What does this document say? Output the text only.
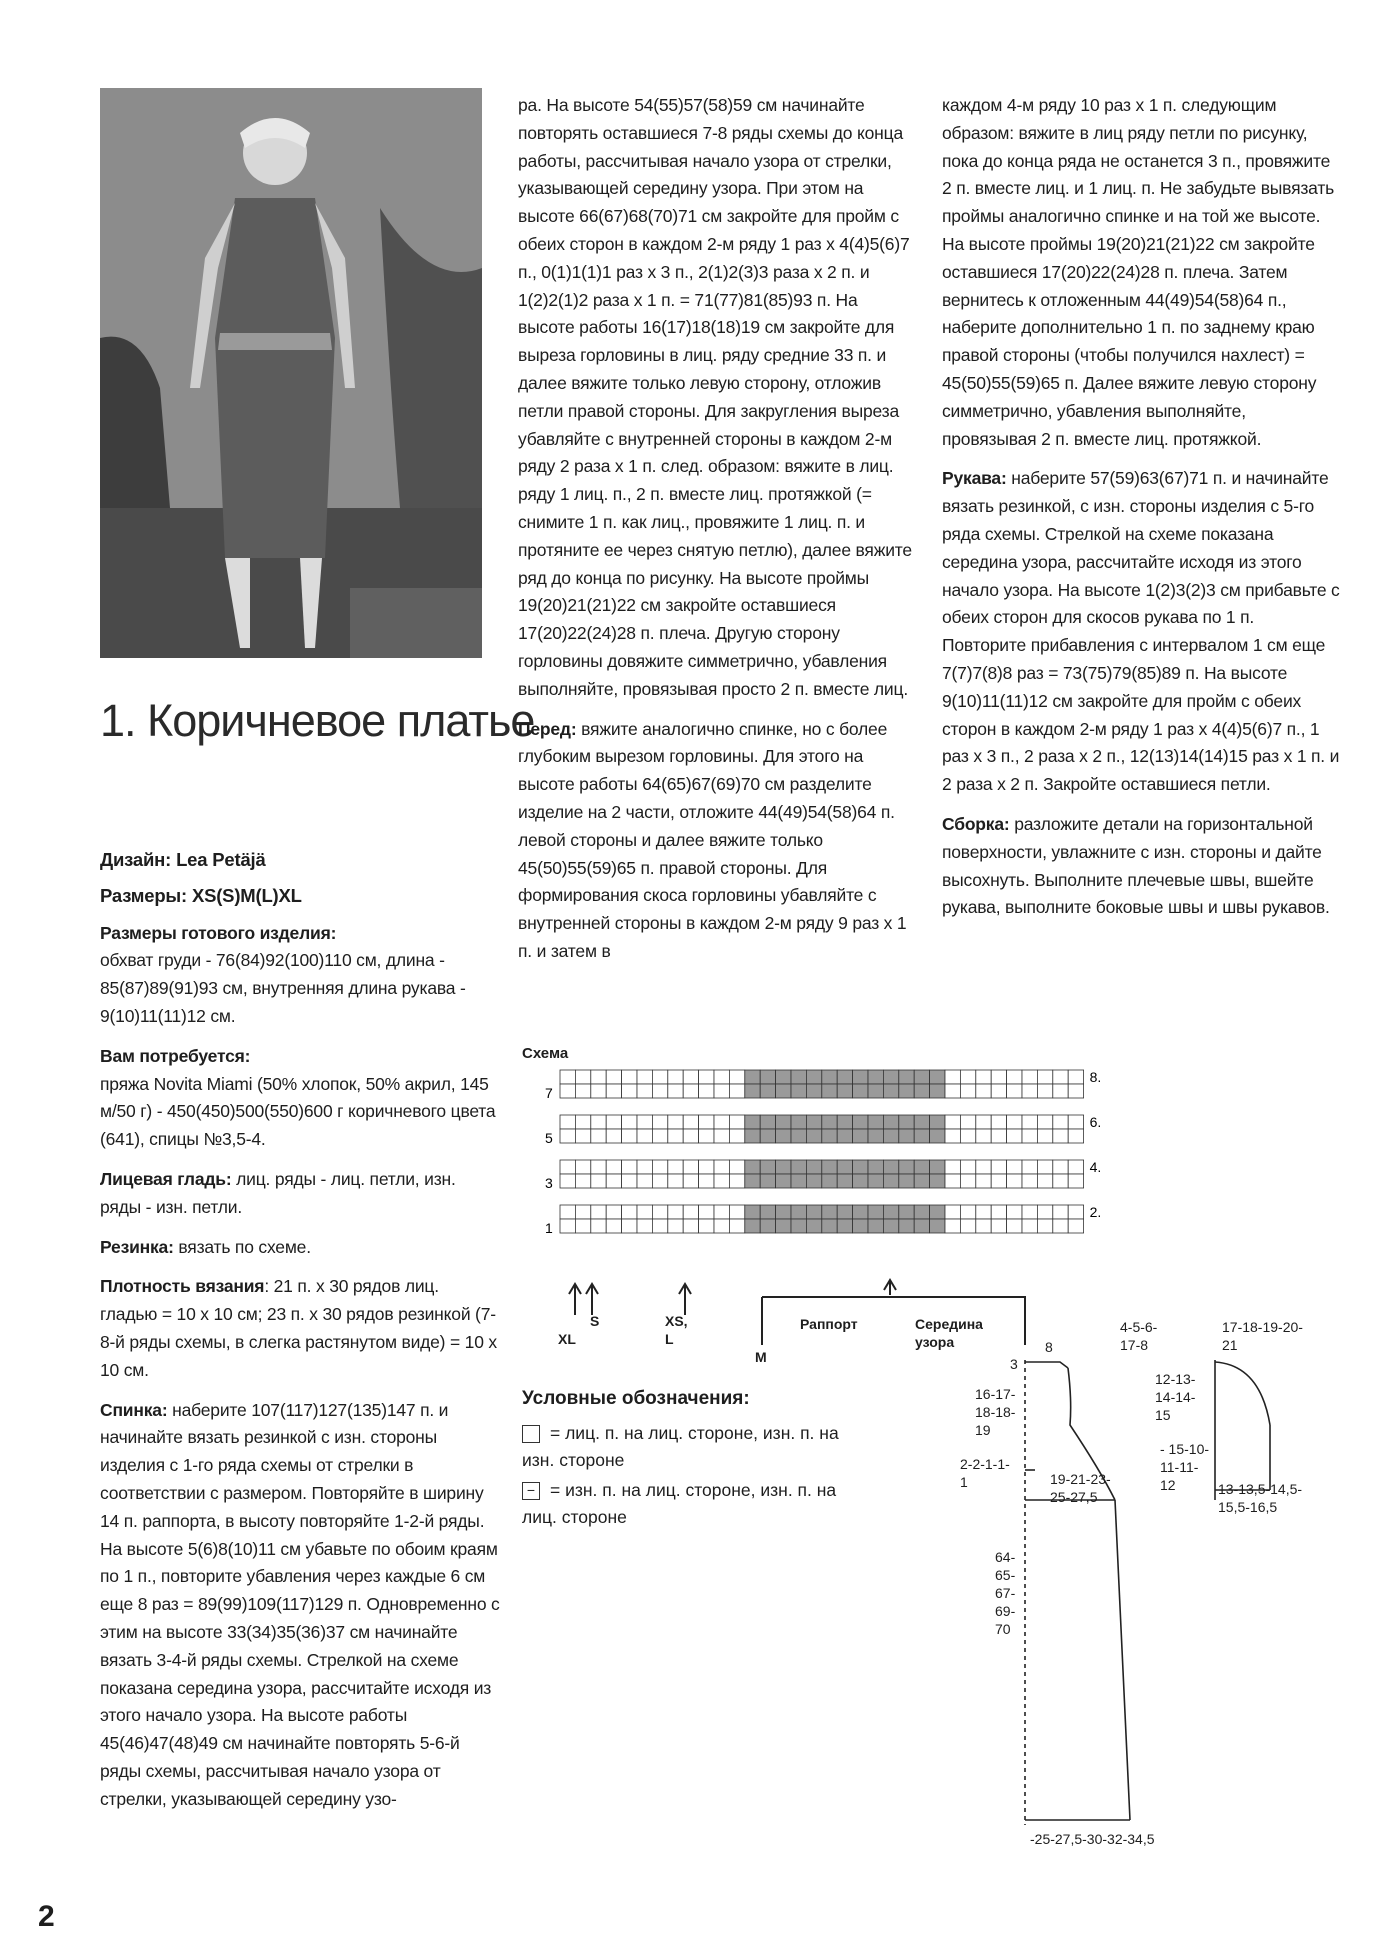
1. Коричневое платье

Дизайн: Lea Petäjä

Размеры: XS(S)M(L)XL

Размеры готового изделия:
обхват груди - 76(84)92(100)110 см, длина - 85(87)89(91)93 см, внутренняя длина рукава - 9(10)11(11)12 см.

Вам потребуется:
пряжа Novita Miami (50% хлопок, 50% акрил, 145 м/50 г) - 450(450)500(550)600 г коричневого цвета (641), спицы №3,5-4.

Лицевая гладь: лиц. ряды - лиц. петли, изн. ряды - изн. петли.

Резинка: вязать по схеме.

Плотность вязания: 21 п. х 30 рядов лиц. гладью = 10 х 10 см; 23 п. х 30 рядов резинкой (7-8-й ряды схемы, в слегка растянутом виде) = 10 х 10 см.

Спинка: наберите 107(117)127(135)147 п. и начинайте вязать резинкой с изн. стороны изделия с 1-го ряда схемы от стрелки в соответствии с размером. Повторяйте в ширину 14 п. раппорта, в высоту повторяйте 1-2-й ряды. На высоте 5(6)8(10)11 см убавьте по обоим краям по 1 п., повторите убавления через каждые 6 см еще 8 раз = 89(99)109(117)129 п. Одновременно с этим на высоте 33(34)35(36)37 см начинайте вязать 3-4-й ряды схемы. Стрелкой на схеме показана середина узора, рассчитайте исходя из этого начало узора. На высоте работы 45(46)47(48)49 см начинайте повторять 5-6-й ряды схемы, рассчитывая начало узора от стрелки, указывающей середину узо-

ра. На высоте 54(55)57(58)59 см начинайте повторять оставшиеся 7-8 ряды схемы до конца работы, рассчитывая начало узора от стрелки, указывающей середину узора. При этом на высоте 66(67)68(70)71 см закройте для пройм с обеих сторон в каждом 2-м ряду 1 раз х 4(4)5(6)7 п., 0(1)1(1)1 раз х 3 п., 2(1)2(3)3 раза х 2 п. и 1(2)2(1)2 раза х 1 п. = 71(77)81(85)93 п. На высоте работы 16(17)18(18)19 см закройте для выреза горловины в лиц. ряду средние 33 п. и далее вяжите только левую сторону, отложив петли правой стороны. Для закругления выреза убавляйте с внутренней стороны в каждом 2-м ряду 2 раза х 1 п. след. образом: вяжите в лиц. ряду 1 лиц. п., 2 п. вместе лиц. протяжкой (= снимите 1 п. как лиц., провяжите 1 лиц. п. и протяните ее через снятую петлю), далее вяжите ряд до конца по рисунку. На высоте проймы 19(20)21(21)22 см закройте оставшиеся 17(20)22(24)28 п. плеча. Другую сторону горловины довяжите симметрично, убавления выполняйте, провязывая просто 2 п. вместе лиц.

Перед: вяжите аналогично спинке, но с более глубоким вырезом горловины. Для этого на высоте работы 64(65)67(69)70 см разделите изделие на 2 части, отложите 44(49)54(58)64 п. левой стороны и далее вяжите только 45(50)55(59)65 п. правой стороны. Для формирования скоса горловины убавляйте с внутренней стороны в каждом 2-м ряду 9 раз х 1 п. и затем в

каждом 4-м ряду 10 раз х 1 п. следующим образом: вяжите в лиц ряду петли по рисунку, пока до конца ряда не останется 3 п., провяжите 2 п. вместе лиц. и 1 лиц. п. Не забудьте вывязать проймы аналогично спинке и на той же высоте. На высоте проймы 19(20)21(21)22 см закройте оставшиеся 17(20)22(24)28 п. плеча. Затем вернитесь к отложенным 44(49)54(58)64 п., наберите дополнительно 1 п. по заднему краю правой стороны (чтобы получился нахлест) = 45(50)55(59)65 п. Далее вяжите левую сторону симметрично, убавления выполняйте, провязывая 2 п. вместе лиц. протяжкой.

Рукава: наберите 57(59)63(67)71 п. и начинайте вязать резинкой, с изн. стороны изделия с 5-го ряда схемы. Стрелкой на схеме показана середина узора, рассчитайте исходя из этого начало узора. На высоте 1(2)3(2)3 см прибавьте с обеих сторон для скосов рукава по 1 п. Повторите прибавления с интервалом 1 см еще 7(7)7(8)8 раз = 73(75)79(85)89 п. На высоте 9(10)11(11)12 см закройте для пройм с обеих сторон в каждом 2-м ряду 1 раз х 4(4)5(6)7 п., 1 раз х 3 п., 2 раза х 2 п., 12(13)14(14)15 раз х 1 п. и 2 раза х 2 п. Закройте оставшиеся петли.

Сборка: разложите детали на горизонтальной поверхности, увлажните с изн. стороны и дайте высохнуть. Выполните плечевые швы, вшейте рукава, выполните боковые швы и швы рукавов.

Схема
7
8.
5
6.
3
4.
1
2.
XL
S	XS, L
M
Раппорт	Середина узора
Условные обозначения:
= лиц. п. на лиц. стороне, изн. п. на изн. стороне
− = изн. п. на лиц. стороне, изн. п. на лиц. стороне
3
8
4-5-6-17-8
17-18-19-20-21
16-17-18-18-19
2-2-1-1-1	19-21-23-25-27,5
12-13-14-14-15
- 15-10-11-11-12	13-13,5-14,5-15,5-16,5
64-65-67-69-70
-25-27,5-30-32-34,5
2
